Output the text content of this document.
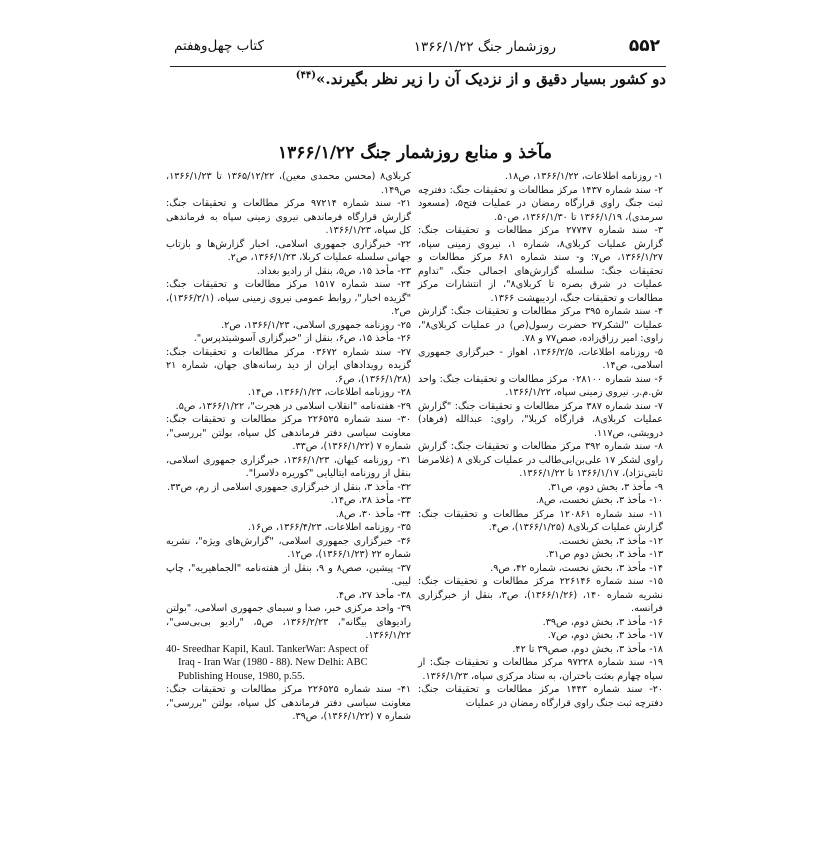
۵۵۲
روزشمار جنگ ۱۳۶۶/۱/۲۲
کتاب چهل‌وهفتم
دو کشور بسیار دقیق و از نزدیک آن را زیر نظر بگیرند.»$^{(۴۴)}$
مآخذ و منابع روزشمار جنگ ۱۳۶۶/۱/۲۲

۱- روزنامه اطلاعات، ۱۳۶۶/۱/۲۲، ص۱۸.

۲- سند شماره ۱۴۳۷ مرکز مطالعات و تحقیقات جنگ: دفترچه ثبت جنگ راوی قرارگاه رمضان در عملیات فتح۵، (مسعود سرمدی)، ۱۳۶۶/۱/۱۹ تا ۱۳۶۶/۱/۳۰، ص۵۰.

۳- سند شماره ۲۷۷۴۷ مرکز مطالعات و تحقیقات جنگ: گزارش عملیات کربلای۸، شماره ۱، نیروی زمینی سپاه، ۱۳۶۶/۱/۲۷، ص۷؛ و- سند شماره ۶۸۱ مرکز مطالعات و تحقیقات جنگ: سلسله گزارش‌های اجمالی جنگ، "تداوم عملیات در شرق بصره تا کربلای۸"، از انتشارات مرکز مطالعات و تحقیقات جنگ، اردیبهشت ۱۳۶۶.

۴- سند شماره ۳۹۵ مرکز مطالعات و تحقیقات جنگ: گزارش عملیات "لشکر۲۷ حضرت رسول(ص) در عملیات کربلای۸"، راوی: امیر رزاق‌زاده، صص۷۷ و ۷۸.

۵- روزنامه اطلاعات، ۱۳۶۶/۲/۵، اهواز - خبرگزاری جمهوری اسلامی، ص۱۴.

۶- سند شماره ۰۲۸۱۰۰ مرکز مطالعات و تحقیقات جنگ: واحد ش.م.ر. نیروی زمینی سپاه، ۱۳۶۶/۱/۲۲.

۷- سند شماره ۳۸۷ مرکز مطالعات و تحقیقات جنگ: "گزارش عملیات کربلای۸، قرارگاه کربلا"، راوی: عبدالله (فرهاد) درویشی، ص۱۱۷.

۸- سند شماره ۳۹۲ مرکز مطالعات و تحقیقات جنگ: گزارش راوی لشکر ۱۷ علی‌بن‌ابی‌طالب در عملیات کربلای ۸ (غلامرضا ثابتی‌نژاد)، ۱۳۶۶/۱/۱۷ تا ۱۳۶۶/۱/۲۲.

۹- مأخذ ۳، بخش دوم، ص۳۱.

۱۰- مأخذ ۳، بخش نخست، ص۸.

۱۱- سند شماره ۱۲۰۸۶۱ مرکز مطالعات و تحقیقات جنگ: گزارش عملیات کربلای۸ (۱۳۶۶/۱/۲۵)، ص۴.

۱۲- مأخذ ۳، بخش نخست.

۱۳- مأخذ ۳، بخش دوم ص۳۱.

۱۴- مأخذ ۳، بخش نخست، شماره ۴۲، ص۹.

۱۵- سند شماره ۲۲۶۱۴۶ مرکز مطالعات و تحقیقات جنگ: نشریه شماره ۱۴۰، (۱۳۶۶/۱/۲۶)، ص۳، بنقل از خبرگزاری فرانسه.

۱۶- مأخذ ۳، بخش دوم، ص۳۹.

۱۷- مأخذ ۳، بخش دوم، ص۷.

۱۸- مأخذ ۳، بخش دوم، صص۳۹ تا ۴۲.

۱۹- سند شماره ۹۷۲۲۸ مرکز مطالعات و تحقیقات جنگ: از سپاه چهارم بعثت باختران، به ستاد مرکزی سپاه، ۱۳۶۶/۱/۲۳.

۲۰- سند شماره ۱۴۴۳ مرکز مطالعات و تحقیقات جنگ: دفترچه ثبت جنگ راوی قرارگاه رمضان در عملیات

کربلای۸ (محسن محمدی معین)، ۱۳۶۵/۱۲/۲۲ تا ۱۳۶۶/۱/۲۳، ص۱۴۹.

۲۱- سند شماره ۹۷۲۱۴ مرکز مطالعات و تحقیقات جنگ: گزارش قرارگاه فرماندهی نیروی زمینی سپاه به فرماندهی کل سپاه، ۱۳۶۶/۱/۲۳.

۲۲- خبرگزاری جمهوری اسلامی، اخبار گزارش‌ها و بازتاب جهانی سلسله عملیات کربلا، ۱۳۶۶/۱/۲۳، ص۲.

۲۳- مأخذ ۱۵، ص۵، بنقل از رادیو بغداد.

۲۴- سند شماره ۱۵۱۷ مرکز مطالعات و تحقیقات جنگ: "گزیده اخبار"، روابط عمومی نیروی زمینی سپاه، (۱۳۶۶/۲/۱)، ص۲.

۲۵- روزنامه جمهوری اسلامی، ۱۳۶۶/۱/۲۳، ص۲.

۲۶- مأخذ ۱۵، ص۶، بنقل از "خبرگزاری آسوشیتدپرس".

۲۷- سند شماره ۰۳۶۷۲ مرکز مطالعات و تحقیقات جنگ: گزیده رویدادهای ایران از دید رسانه‌های جهان، شماره ۲۱ (۱۳۶۶/۱/۲۸)، ص۶.

۲۸- روزنامه اطلاعات، ۱۳۶۶/۱/۲۳، ص۱۴.

۲۹- هفته‌نامه "انقلاب اسلامی در هجرت"، ۱۳۶۶/۱/۲۲، ص۵.

۳۰- سند شماره ۲۲۶۵۲۵ مرکز مطالعات و تحقیقات جنگ: معاونت سیاسی دفتر فرماندهی کل سپاه، بولتن "بررسی"، شماره ۷ (۱۳۶۶/۱/۲۲)، ص۳۳.

۳۱- روزنامه کیهان، ۱۳۶۶/۱/۲۳، خبرگزاری جمهوری اسلامی، بنقل از روزنامه ایتالیایی "کوریره دلاسرا".

۳۲- مأخذ ۳، بنقل از خبرگزاری جمهوری اسلامی از رم، ص۳۳.

۳۳- مأخذ ۲۸، ص۱۴.

۳۴- مأخذ ۳۰، ص۸.

۳۵- روزنامه اطلاعات، ۱۳۶۶/۴/۲۳، ص۱۶.

۳۶- خبرگزاری جمهوری اسلامی، "گزارش‌های ویژه"، نشریه شماره ۲۲ (۱۳۶۶/۱/۲۳)، ص۱۲.

۳۷- پیشین، صص۸ و ۹، بنقل از هفته‌نامه "الجماهیریه"، چاپ لیبی.

۳۸- مأخذ ۲۷، ص۴.

۳۹- واحد مرکزی خبر، صدا و سیمای جمهوری اسلامی، "بولتن رادیوهای بیگانه"، ۱۳۶۶/۲/۲۳، ص۵، "رادیو بی‌بی‌سی"، ۱۳۶۶/۱/۲۲.

40- Sreedhar Kapil, Kaul. TankerWar: Aspect of
Iraq - Iran War (1980 - 88). New Delhi: ABC
Publishing House, 1980, p.55.

۴۱- سند شماره ۲۲۶۵۲۵ مرکز مطالعات و تحقیقات جنگ: معاونت سیاسی دفتر فرماندهی کل سپاه، بولتن "بررسی"، شماره ۷ (۱۳۶۶/۱/۲۲)، ص۳۹.
